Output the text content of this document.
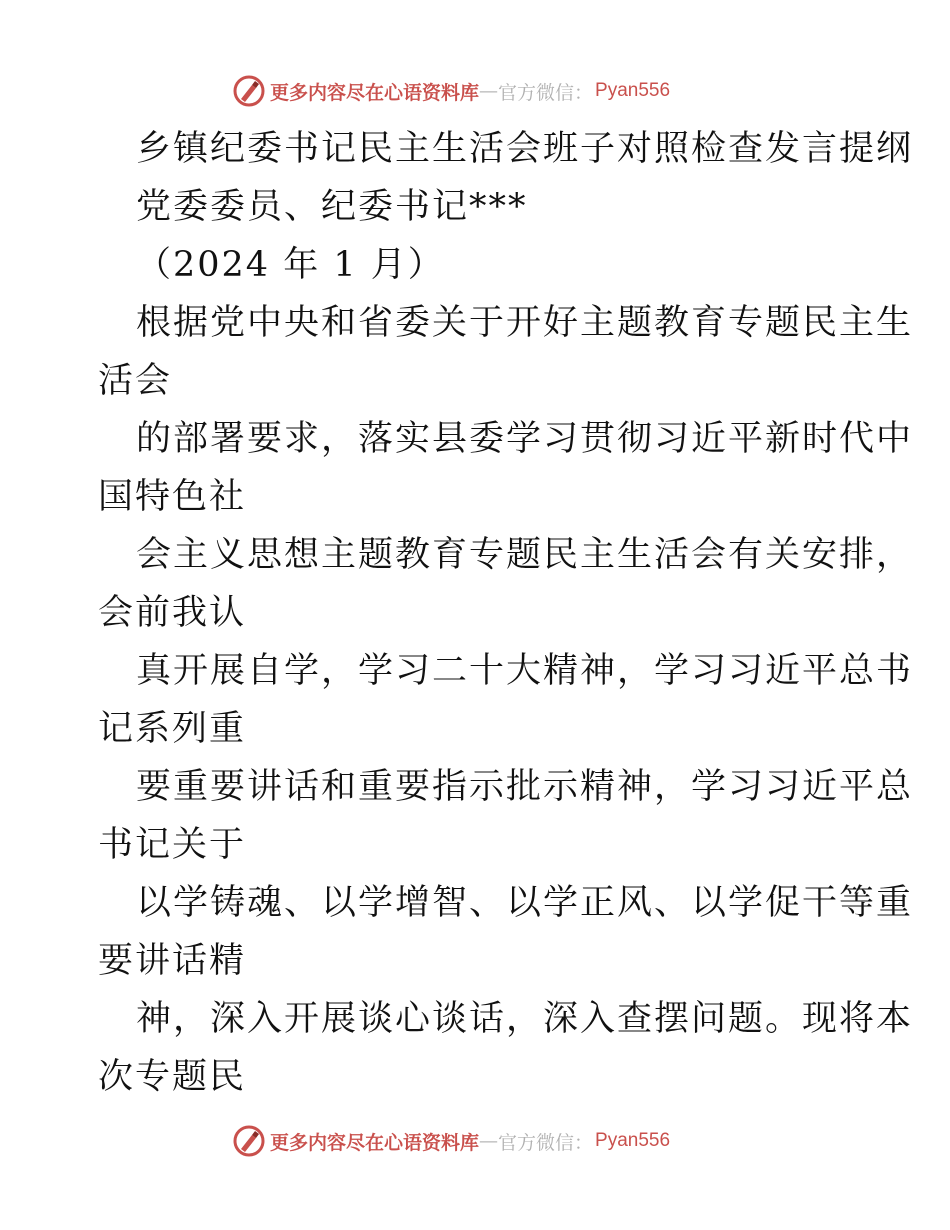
更多内容尽在心语资料库 — 官方微信： Pyan556
乡镇纪委书记民主生活会班子对照检查发言提纲
党委委员、纪委书记***
（2024 年 1 月）
根据党中央和省委关于开好主题教育专题民主生
活会
的部署要求，落实县委学习贯彻习近平新时代中
国特色社
会主义思想主题教育专题民主生活会有关安排，
会前我认
真开展自学，学习二十大精神，学习习近平总书
记系列重
要重要讲话和重要指示批示精神，学习习近平总
书记关于
以学铸魂、以学增智、以学正风、以学促干等重
要讲话精
神，深入开展谈心谈话，深入查摆问题。现将本
次专题民
更多内容尽在心语资料库 — 官方微信： Pyan556
